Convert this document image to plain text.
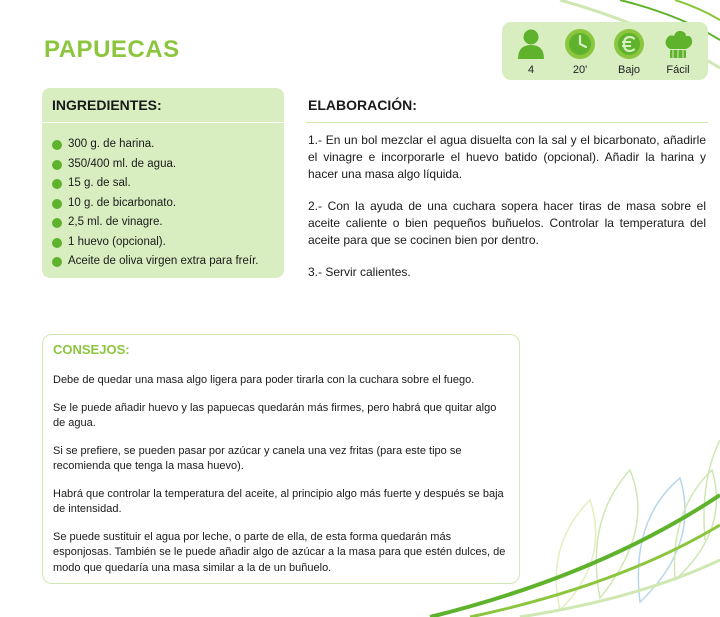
PAPUECAS
4	20'	Bajo	Fácil
INGREDIENTES:
300 g. de harina.
350/400 ml. de agua.
15 g. de sal.
10 g. de bicarbonato.
2,5 ml. de vinagre.
1 huevo (opcional).
Aceite de oliva virgen extra para freír.
ELABORACIÓN:

1.- En un bol mezclar el agua disuelta con la sal y el bicarbonato, añadirle el vinagre e incorporarle el huevo batido (opcional). Añadir la harina y hacer una masa algo líquida.

2.- Con la ayuda de una cuchara sopera hacer tiras de masa sobre el aceite caliente o bien pequeños buñuelos. Controlar la temperatura del aceite para que se cocinen bien por dentro.

3.- Servir calientes.

CONSEJOS:

Debe de quedar una masa algo ligera para poder tirarla con la cuchara sobre el fuego.

Se le puede añadir huevo y las papuecas quedarán más firmes, pero habrá que quitar algo de agua.

Si se prefiere, se pueden pasar por azúcar y canela una vez fritas (para este tipo se recomienda que tenga la masa huevo).

Habrá que controlar la temperatura del aceite, al principio algo más fuerte y después se baja de intensidad.

Se puede sustituir el agua por leche, o parte de ella, de esta forma quedarán más esponjosas. También se le puede añadir algo de azúcar a la masa para que estén dulces, de modo que quedaría una masa similar a la de un buñuelo.
